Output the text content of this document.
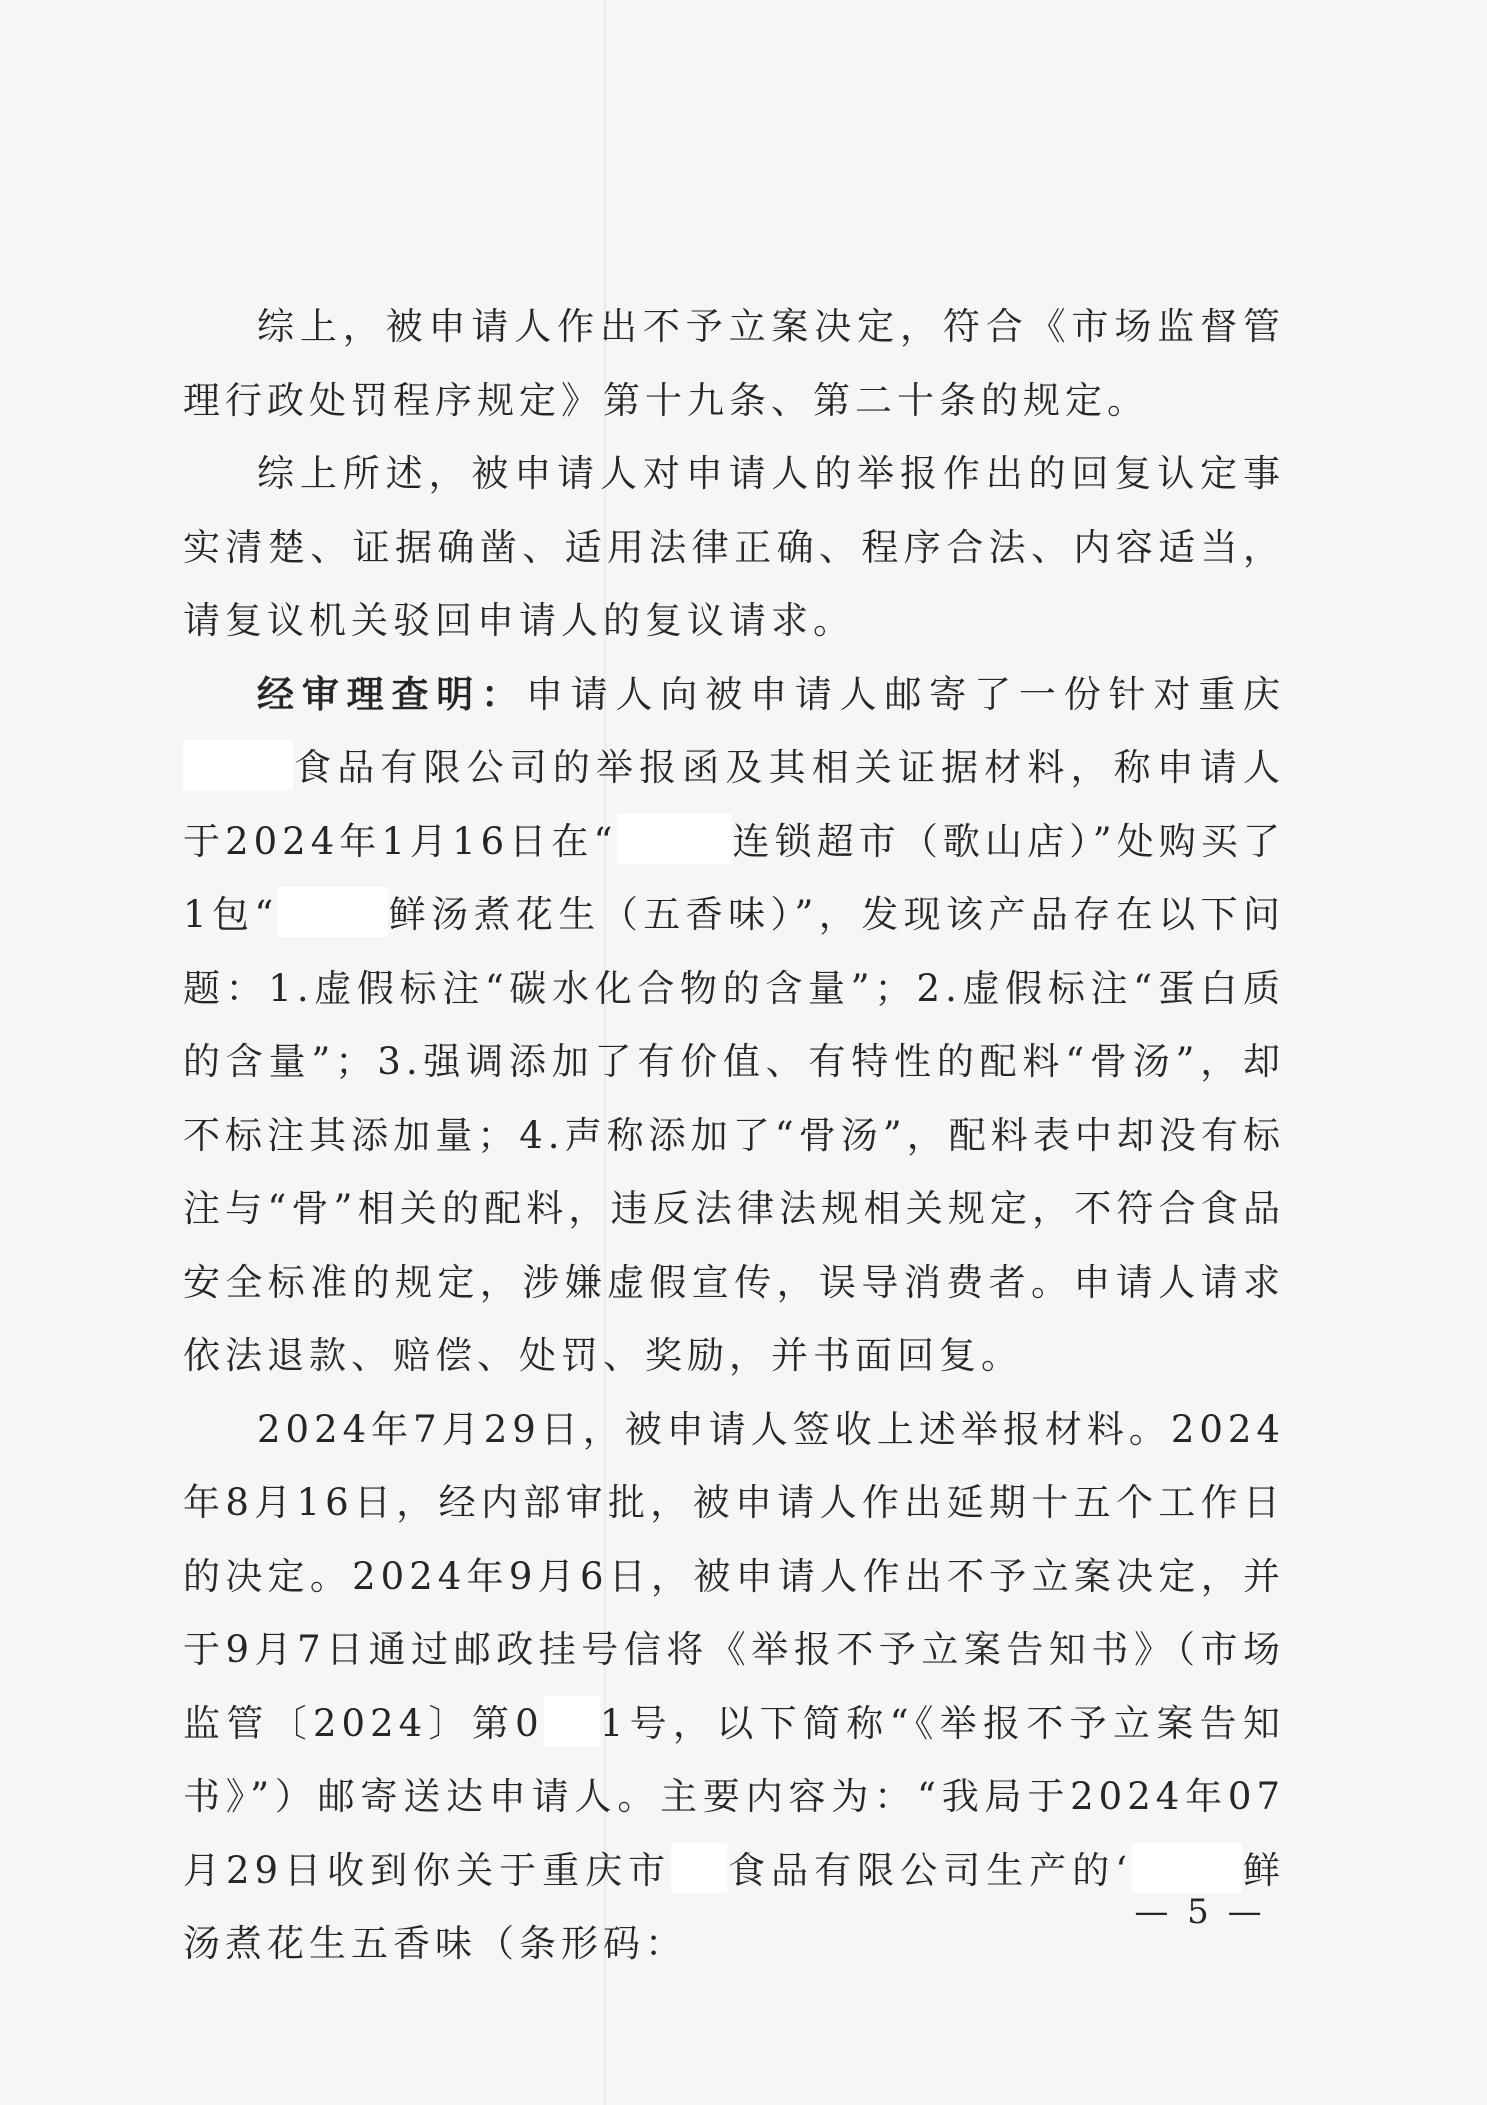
综上，被申请人作出不予立案决定，符合《市场监督管理行政处罚程序规定》第十九条、第二十条的规定。

综上所述，被申请人对申请人的举报作出的回复认定事实清楚、证据确凿、适用法律正确、程序合法、内容适当，请复议机关驳回申请人的复议请求。

经审理查明：申请人向被申请人邮寄了一份针对重庆食品有限公司的举报函及其相关证据材料，称申请人于2024年1月16日在“	连锁超市（歌山店）”处购买了1包“	鲜汤煮花生（五香味）”，发现该产品存在以下问题：1.虚假标注“碳水化合物的含量”；2.虚假标注“蛋白质的含量”；3.强调添加了有价值、有特性的配料“骨汤”，却不标注其添加量；4.声称添加了“骨汤”，配料表中却没有标注与“骨”相关的配料，违反法律法规相关规定，不符合食品安全标准的规定，涉嫌虚假宣传，误导消费者。申请人请求依法退款、赔偿、处罚、奖励，并书面回复。

2024年7月29日，被申请人签收上述举报材料。2024年8月16日，经内部审批，被申请人作出延期十五个工作日的决定。2024年9月6日，被申请人作出不予立案决定，并于9月7日通过邮政挂号信将《举报不予立案告知书》（市场监管〔2024〕第0 1号，以下简称“《举报不予立案告知书》”）邮寄送达申请人。主要内容为：“我局于2024年07月29日收到你关于重庆市 食品有限公司生产的‘	鲜汤煮花生五香味（条形码：

— 5 —
